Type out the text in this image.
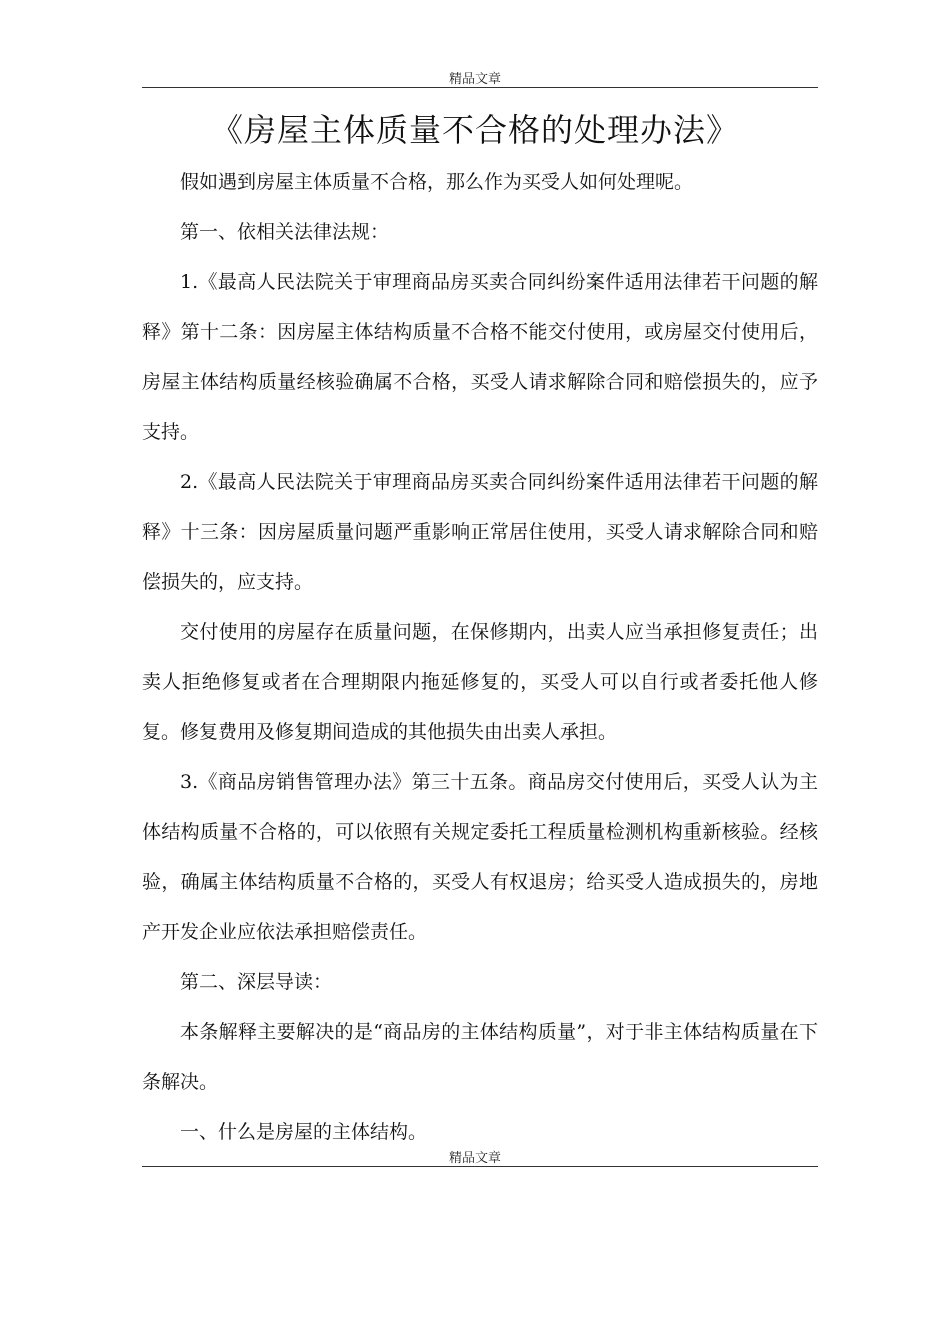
精品文章
《房屋主体质量不合格的处理办法》

假如遇到房屋主体质量不合格，那么作为买受人如何处理呢。

第一、依相关法律法规：

1.《最高人民法院关于审理商品房买卖合同纠纷案件适用法律若干问题的解释》第十二条：因房屋主体结构质量不合格不能交付使用，或房屋交付使用后，房屋主体结构质量经核验确属不合格，买受人请求解除合同和赔偿损失的，应予支持。

2.《最高人民法院关于审理商品房买卖合同纠纷案件适用法律若干问题的解释》十三条：因房屋质量问题严重影响正常居住使用，买受人请求解除合同和赔偿损失的，应支持。

交付使用的房屋存在质量问题，在保修期内，出卖人应当承担修复责任；出卖人拒绝修复或者在合理期限内拖延修复的，买受人可以自行或者委托他人修复。修复费用及修复期间造成的其他损失由出卖人承担。

3.《商品房销售管理办法》第三十五条。商品房交付使用后，买受人认为主体结构质量不合格的，可以依照有关规定委托工程质量检测机构重新核验。经核验，确属主体结构质量不合格的，买受人有权退房；给买受人造成损失的，房地产开发企业应依法承担赔偿责任。

第二、深层导读：

本条解释主要解决的是“商品房的主体结构质量”，对于非主体结构质量在下条解决。

一、什么是房屋的主体结构。

精品文章
